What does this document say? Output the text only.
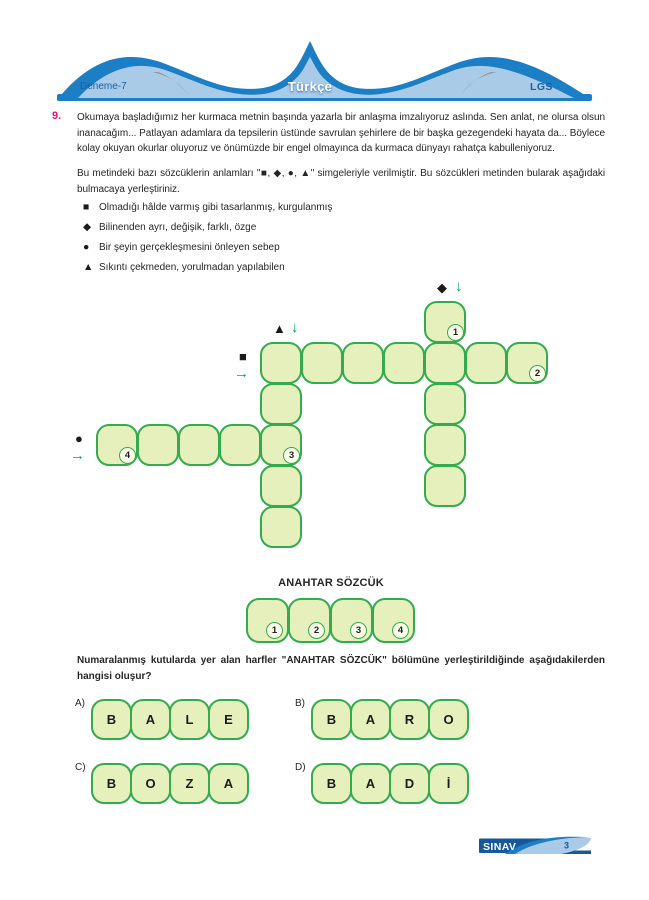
Deneme-7	Türkçe	LGS
9. Okumaya başladığımız her kurmaca metnin başında yazarla bir anlaşma imzalıyoruz aslında. Sen anlat, ne olursa olsun inanacağım... Patlayan adamlara da tepsilerin üstünde savrulan şehirlere de bir başka gezegendeki hayata da... Böylece kolay okuyan okurlar oluyoruz ve önümüzde bir engel olmayınca da kurmaca dünyayı rahatça kabulleniyoruz.

Bu metindeki bazı sözcüklerin anlamları "■, ◆, ●, ▲" simgeleriyle verilmiştir. Bu sözcükleri metinden bularak aşağıdaki bulmacaya yerleştiriniz.

■ Olmadığı hâlde varmış gibi tasarlanmış, kurgulanmış
◆ Bilinenden ayrı, değişik, farklı, özge
● Bir şeyin gerçekleşmesini önleyen sebep
▲ Sıkıntı çekmeden, yorulmadan yapılabilen
1
2
4	3
◆ ↓
▲ ↓
■
→
●
→
ANAHTAR SÖZCÜK
1	2	3	4

Numaralanmış kutularda yer alan harfler "ANAHTAR SÖZCÜK" bölümüne yerleştirildiğinde aşağıdakilerden hangisi oluşur?

A)
B	A	L	E
B)
B	A	R	O
C)
B	O	Z	A
D)
B	A	D	İ
SINAV	3
